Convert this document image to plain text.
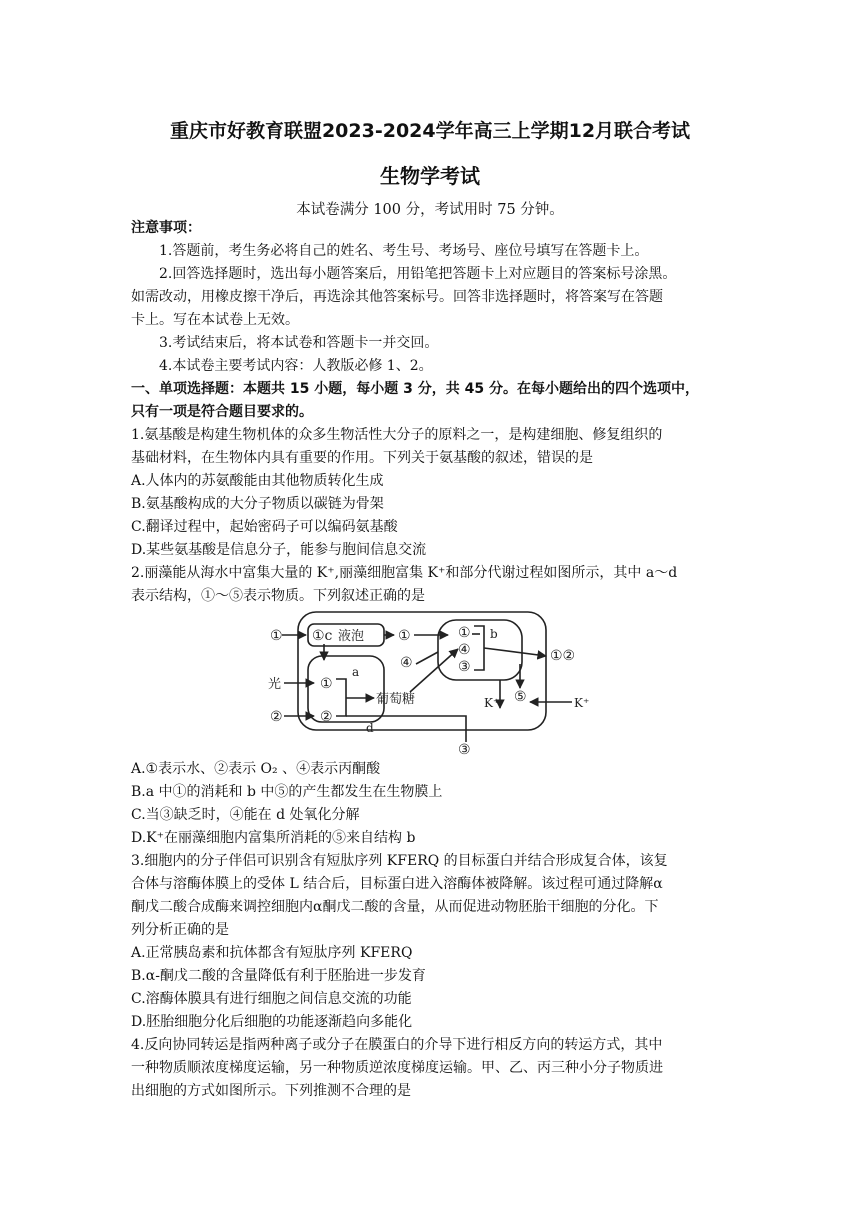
重庆市好教育联盟2023-2024学年高三上学期12月联合考试
生物学考试
本试卷满分 100 分，考试用时 75 分钟。
注意事项：
1.答题前，考生务必将自己的姓名、考生号、考场号、座位号填写在答题卡上。
2.回答选择题时，选出每小题答案后，用铅笔把答题卡上对应题目的答案标号涂黑。
如需改动，用橡皮擦干净后，再选涂其他答案标号。回答非选择题时，将答案写在答题
卡上。写在本试卷上无效。
3.考试结束后，将本试卷和答题卡一并交回。
4.本试卷主要考试内容：人教版必修 1、2。
一、单项选择题：本题共 15 小题，每小题 3 分，共 45 分。在每小题给出的四个选项中，
只有一项是符合题目要求的。
1.氨基酸是构建生物机体的众多生物活性大分子的原料之一，是构建细胞、修复组织的
基础材料，在生物体内具有重要的作用。下列关于氨基酸的叙述，错误的是
A.人体内的苏氨酸能由其他物质转化生成
B.氨基酸构成的大分子物质以碳链为骨架
C.翻译过程中，起始密码子可以编码氨基酸
D.某些氨基酸是信息分子，能参与胞间信息交流
2.丽藻能从海水中富集大量的 K⁺,丽藻细胞富集 K⁺和部分代谢过程如图所示，其中 a～d
表示结构，①～⑤表示物质。下列叙述正确的是
① ①c 液泡 ①
光
②
①
②
a
d
葡萄糖
④
①
④
③
b
⑤
①②
K⁺	K⁺
③
A.①表示水、②表示 O₂ 、④表示丙酮酸
B.a 中①的消耗和 b 中⑤的产生都发生在生物膜上
C.当③缺乏时，④能在 d 处氧化分解
D.K⁺在丽藻细胞内富集所消耗的⑤来自结构 b
3.细胞内的分子伴侣可识别含有短肽序列 KFERQ 的目标蛋白并结合形成复合体，该复
合体与溶酶体膜上的受体 L 结合后，目标蛋白进入溶酶体被降解。该过程可通过降解α
酮戊二酸合成酶来调控细胞内α酮戊二酸的含量，从而促进动物胚胎干细胞的分化。下
列分析正确的是
A.正常胰岛素和抗体都含有短肽序列 KFERQ
B.α-酮戊二酸的含量降低有利于胚胎进一步发育
C.溶酶体膜具有进行细胞之间信息交流的功能
D.胚胎细胞分化后细胞的功能逐渐趋向多能化
4.反向协同转运是指两种离子或分子在膜蛋白的介导下进行相反方向的转运方式，其中
一种物质顺浓度梯度运输，另一种物质逆浓度梯度运输。甲、乙、丙三种小分子物质进
出细胞的方式如图所示。下列推测不合理的是
